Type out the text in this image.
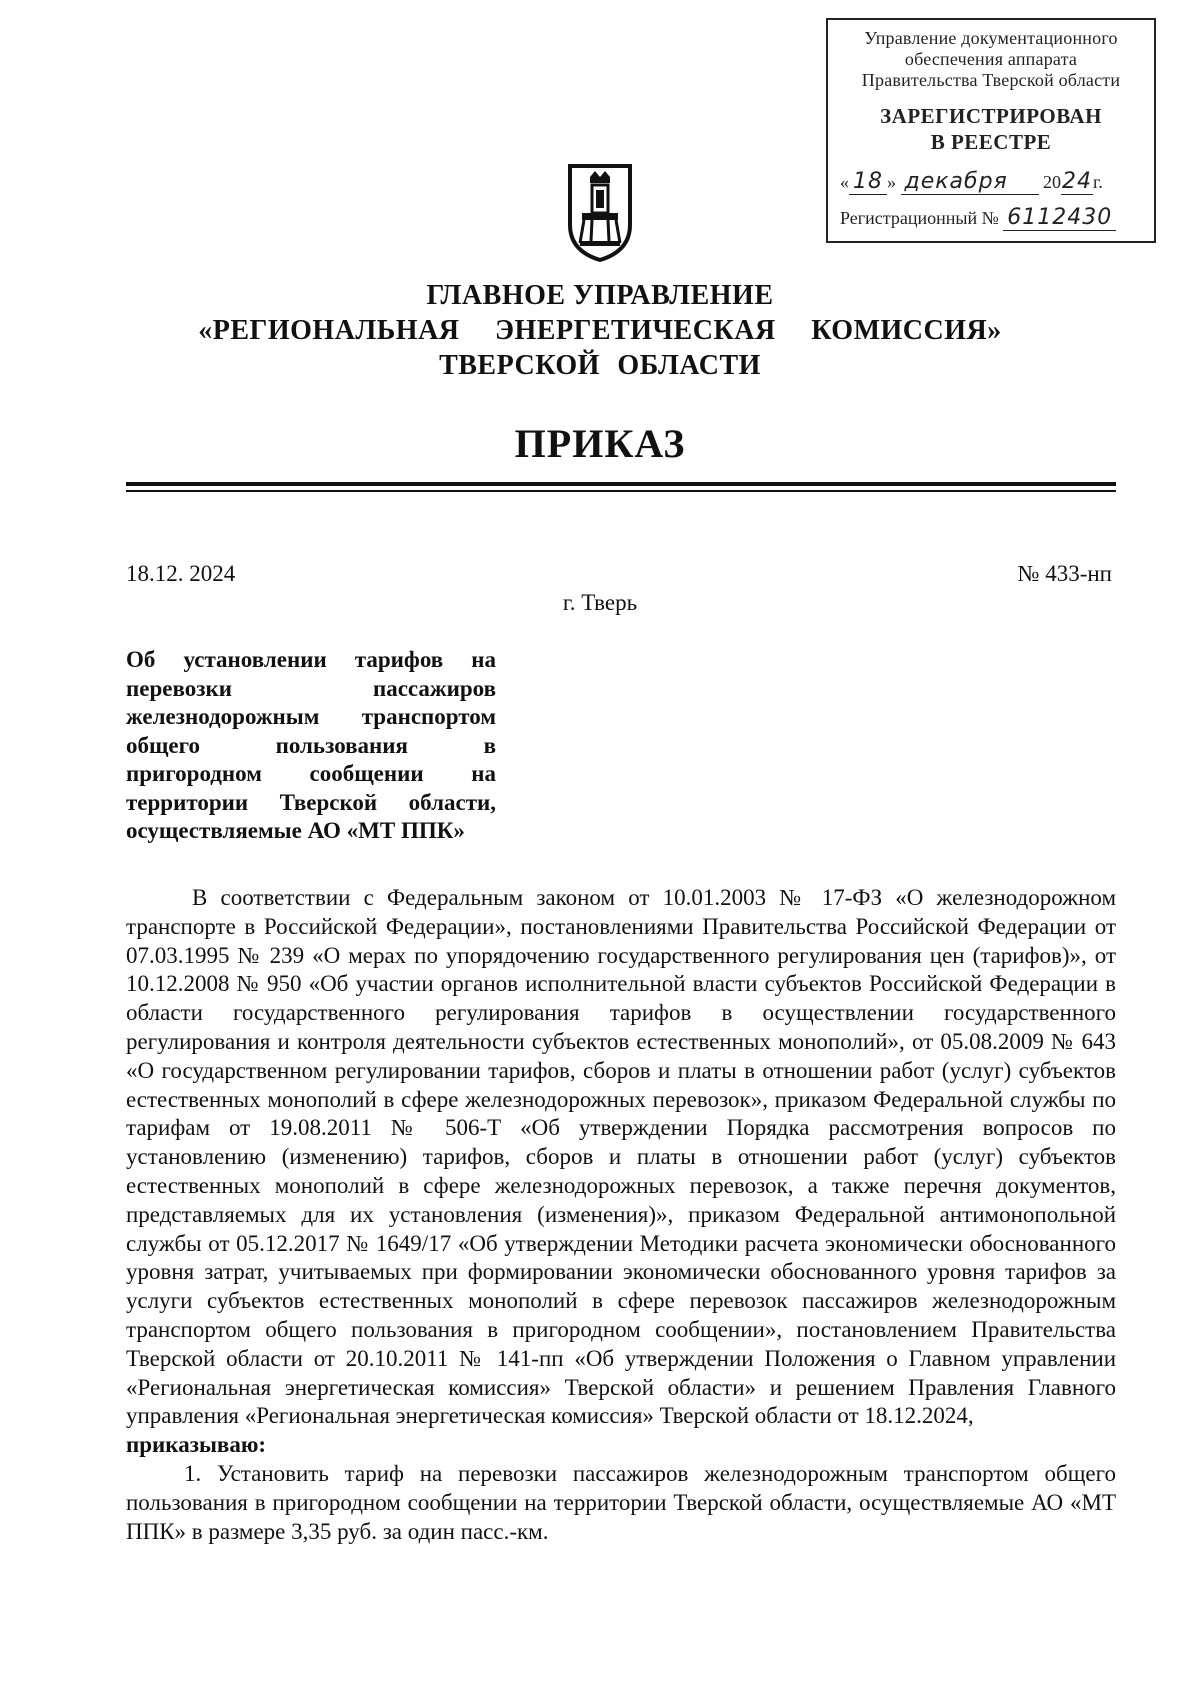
Управление документационного
обеспечения аппарата
Правительства Тверской области
ЗАРЕГИСТРИРОВАН
В РЕЕСТРЕ
« 18 » декабря 2024г.
Регистрационный № 6112430
ГЛАВНОЕ УПРАВЛЕНИЕ
«РЕГИОНАЛЬНАЯ ЭНЕРГЕТИЧЕСКАЯ КОМИССИЯ»
ТВЕРСКОЙ ОБЛАСТИ
ПРИКАЗ
18.12. 2024	№ 433-нп
г. Тверь
Об установлении тарифов на
перевозки пассажиров
железнодорожным транспортом
общего пользования в
пригородном сообщении на
территории Тверской области,
осуществляемые АО «МТ ППК»

В соответствии с Федеральным законом от 10.01.2003 № 17-ФЗ «О железнодорожном транспорте в Российской Федерации», постановлениями Правительства Российской Федерации от 07.03.1995 № 239 «О мерах по упорядочению государственного регулирования цен (тарифов)», от 10.12.2008 № 950 «Об участии органов исполнительной власти субъектов Российской Федерации в области государственного регулирования тарифов в осуществлении государственного регулирования и контроля деятельности субъектов естественных монополий», от 05.08.2009 № 643 «О государственном регулировании тарифов, сборов и платы в отношении работ (услуг) субъектов естественных монополий в сфере железнодорожных перевозок», приказом Федеральной службы по тарифам от 19.08.2011 № 506-Т «Об утверждении Порядка рассмотрения вопросов по установлению (изменению) тарифов, сборов и платы в отношении работ (услуг) субъектов естественных монополий в сфере железнодорожных перевозок, а также перечня документов, представляемых для их установления (изменения)», приказом Федеральной антимонопольной службы от 05.12.2017 № 1649/17 «Об утверждении Методики расчета экономически обоснованного уровня затрат, учитываемых при формировании экономически обоснованного уровня тарифов за услуги субъектов естественных монополий в сфере перевозок пассажиров железнодорожным транспортом общего пользования в пригородном сообщении», постановлением Правительства Тверской области от 20.10.2011 № 141-пп «Об утверждении Положения о Главном управлении «Региональная энергетическая комиссия» Тверской области» и решением Правления Главного управления «Региональная энергетическая комиссия» Тверской области от 18.12.2024,

приказываю:

1. Установить тариф на перевозки пассажиров железнодорожным транспортом общего пользования в пригородном сообщении на территории Тверской области, осуществляемые АО «МТ ППК» в размере 3,35 руб. за один пасс.-км.
